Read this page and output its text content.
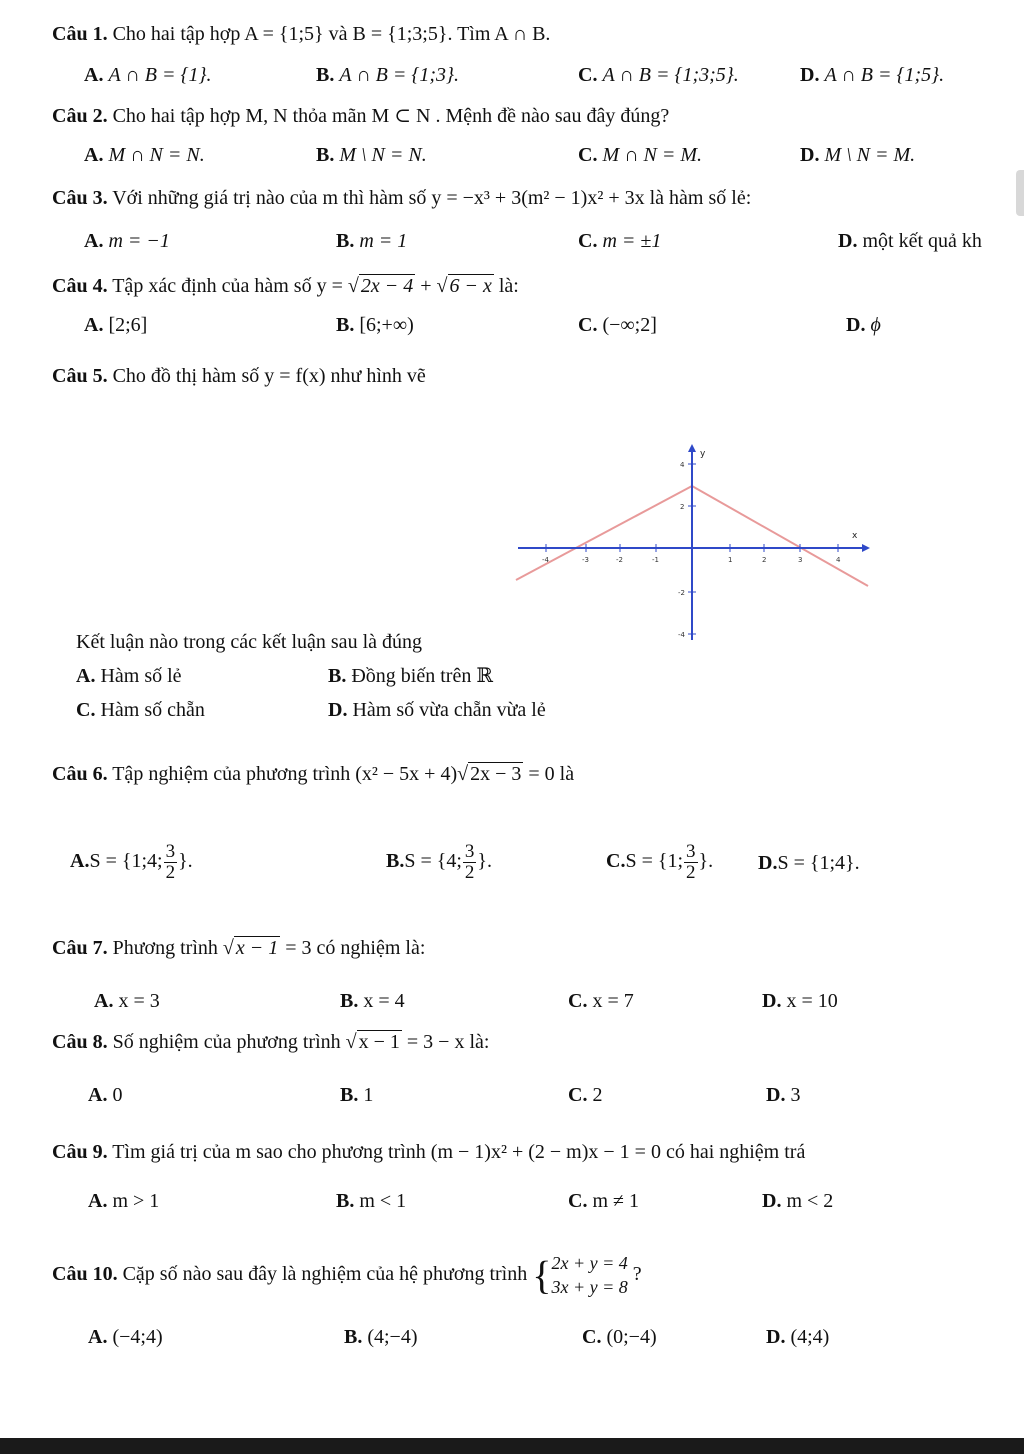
Câu 1. Cho hai tập hợp A = {1;5} và B = {1;3;5}. Tìm A ∩ B.
A. A ∩ B = {1}.	B. A ∩ B = {1;3}.	C. A ∩ B = {1;3;5}.	D. A ∩ B = {1;5}.
Câu 2. Cho hai tập hợp M, N thỏa mãn M ⊂ N . Mệnh đề nào sau đây đúng?
A. M ∩ N = N.	B. M \ N = N.	C. M ∩ N = M.	D. M \ N = M.
Câu 3. Với những giá trị nào của m thì hàm số y = −x³ + 3(m² − 1)x² + 3x là hàm số lẻ:
A. m = −1	B. m = 1	C. m = ±1	D. một kết quả kh
Câu 4. Tập xác định của hàm số y = √ 2x − 4 + √ 6 − x là:
A. [2;6]	B. [6;+∞)	C. (−∞;2]	D. ϕ
Câu 5. Cho đồ thị hàm số y = f(x) như hình vẽ
y
x
-4	-3	-2	-1	1	2	3	4
4
2
-2
-4
Kết luận nào trong các kết luận sau là đúng
A. Hàm số lẻ	B. Đồng biến trên ℝ
C. Hàm số chẵn	D. Hàm số vừa chẵn vừa lẻ
Câu 6. Tập nghiệm của phương trình (x² − 5x + 4)√ 2x − 3 = 0 là
A.S = {1;4; $\frac{3}{2}$ }.	B.S = {4; $\frac{3}{2}$ }.	C.S = {1; $\frac{3}{2}$ }. D.S = {1;4}.
Câu 7. Phương trình √ x − 1 = 3 có nghiệm là:
A. x = 3	B. x = 4	C. x = 7	D. x = 10
Câu 8. Số nghiệm của phương trình √ x − 1 = 3 − x là:
A. 0	B. 1	C. 2	D. 3
Câu 9. Tìm giá trị của m sao cho phương trình (m − 1)x² + (2 − m)x − 1 = 0 có hai nghiệm trá
A. m > 1	B. m < 1	C. m ≠ 1	D. m < 2
Câu 10. Cặp số nào sau đây là nghiệm của hệ phương trình { 2x + y = 4
3x + y = 8
?
A. (−4;4)	B. (4;−4)	C. (0;−4)	D. (4;4)
